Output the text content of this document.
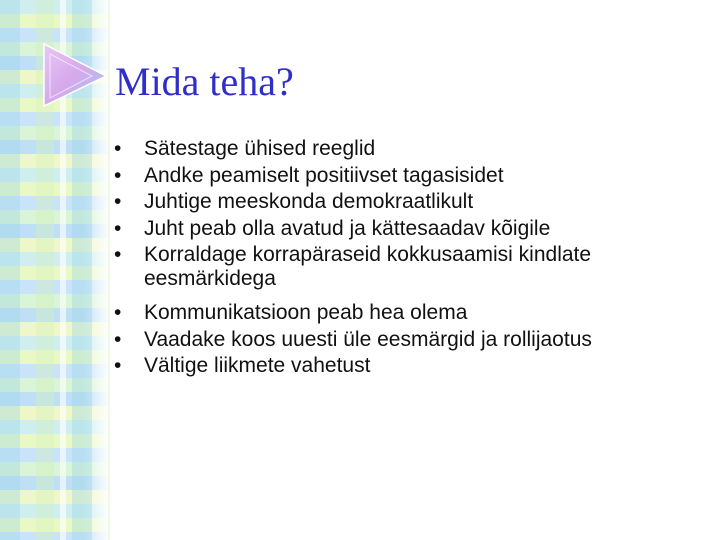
Mida teha?
•	Sätestage ühised reeglid
•	Andke peamiselt positiivset tagasisidet
•	Juhtige meeskonda demokraatlikult
•	Juht peab olla avatud ja kättesaadav kõigile
•	Korraldage korrapäraseid kokkusaamisi kindlate eesmärkidega
•	Kommunikatsioon peab hea olema
•	Vaadake koos uuesti üle eesmärgid ja rollijaotus
•	Vältige liikmete vahetust
